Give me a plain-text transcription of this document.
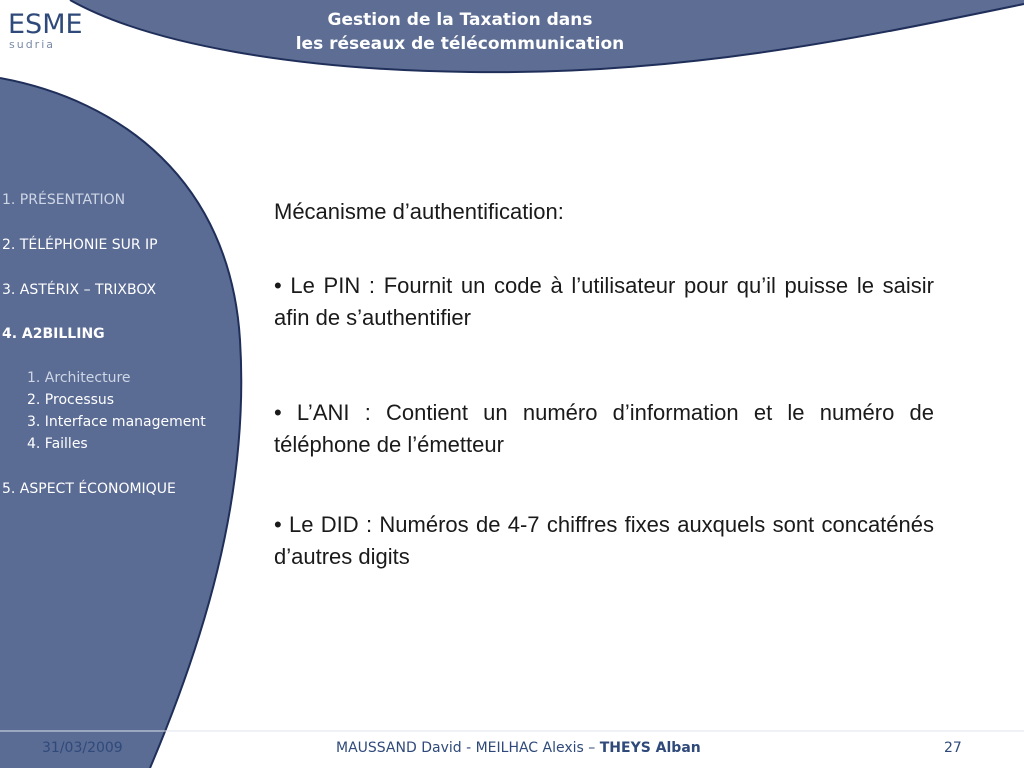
ESME
sudria
Gestion de la Taxation dans
les réseaux de télécommunication
1. PRÉSENTATION
2. TÉLÉPHONIE SUR IP
3. ASTÉRIX – TRIXBOX
4. A2BILLING
1. Architecture
2. Processus
3. Interface management
4. Failles
5. ASPECT ÉCONOMIQUE
Mécanisme d’authentification:
• Le PIN : Fournit un code à l’utilisateur pour qu’il puisse le saisir afin de s’authentifier
• L’ANI : Contient un numéro d’information et le numéro de téléphone de l’émetteur
• Le DID : Numéros de 4-7 chiffres fixes auxquels sont concaténés d’autres digits
31/03/2009	MAUSSAND David - MEILHAC Alexis – THEYS Alban	27
